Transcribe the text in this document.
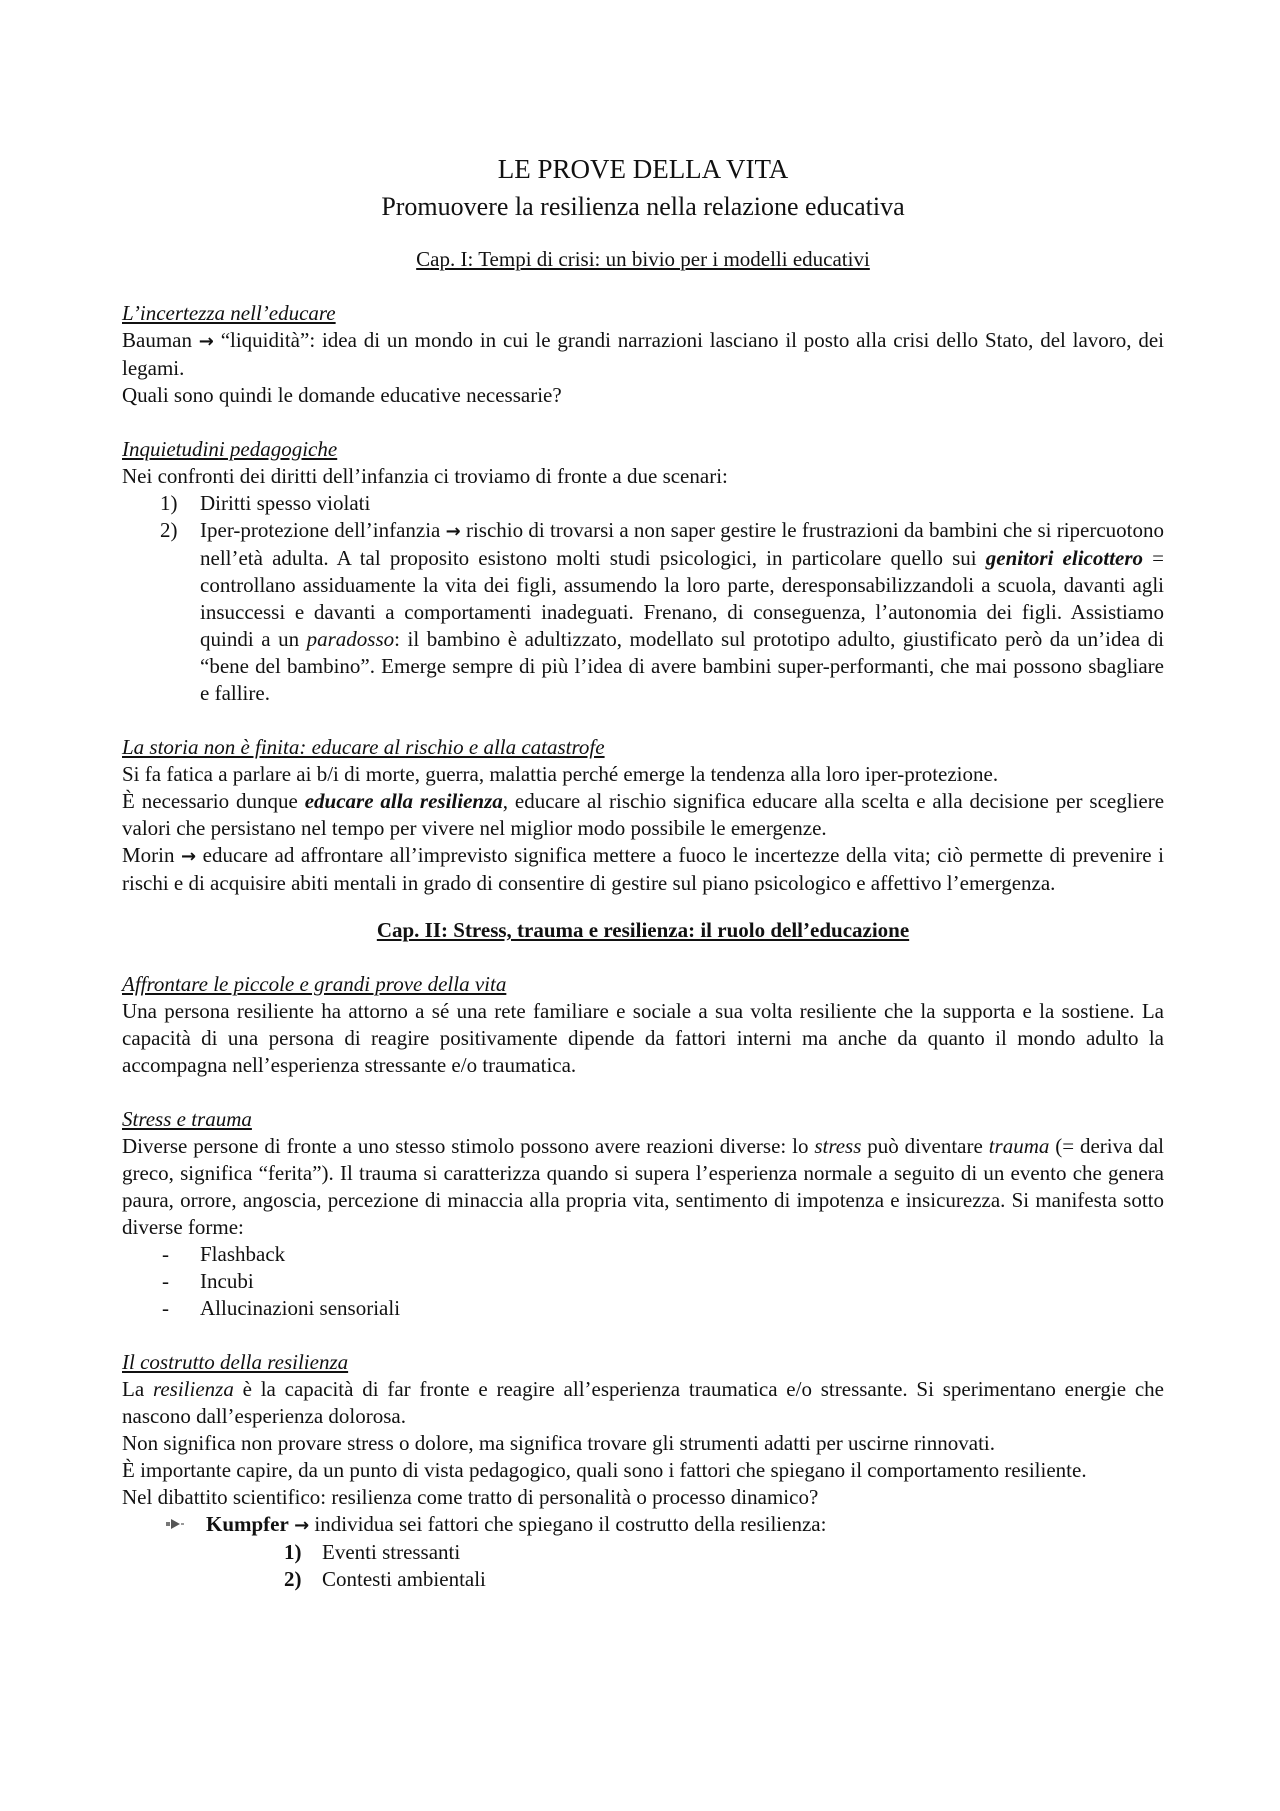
LE PROVE DELLA VITA
Promuovere la resilienza nella relazione educativa
Cap. I: Tempi di crisi: un bivio per i modelli educativi
L’incertezza nell’educare

Bauman → “liquidità”: idea di un mondo in cui le grandi narrazioni lasciano il posto alla crisi dello Stato, del lavoro, dei legami.

Quali sono quindi le domande educative necessarie?

Inquietudini pedagogiche

Nei confronti dei diritti dell’infanzia ci troviamo di fronte a due scenari:

1) Diritti spesso violati
2) Iper-protezione dell’infanzia → rischio di trovarsi a non saper gestire le frustrazioni da bambini che si ripercuotono nell’età adulta. A tal proposito esistono molti studi psicologici, in particolare quello sui genitori elicottero = controllano assiduamente la vita dei figli, assumendo la loro parte, deresponsabilizzandoli a scuola, davanti agli insuccessi e davanti a comportamenti inadeguati. Frenano, di conseguenza, l’autonomia dei figli. Assistiamo quindi a un paradosso: il bambino è adultizzato, modellato sul prototipo adulto, giustificato però da un’idea di “bene del bambino”. Emerge sempre di più l’idea di avere bambini super-performanti, che mai possono sbagliare e fallire.
La storia non è finita: educare al rischio e alla catastrofe

Si fa fatica a parlare ai b/i di morte, guerra, malattia perché emerge la tendenza alla loro iper-protezione.

È necessario dunque educare alla resilienza, educare al rischio significa educare alla scelta e alla decisione per scegliere valori che persistano nel tempo per vivere nel miglior modo possibile le emergenze.

Morin → educare ad affrontare all’imprevisto significa mettere a fuoco le incertezze della vita; ciò permette di prevenire i rischi e di acquisire abiti mentali in grado di consentire di gestire sul piano psicologico e affettivo l’emergenza.

Cap. II: Stress, trauma e resilienza: il ruolo dell’educazione
Affrontare le piccole e grandi prove della vita

Una persona resiliente ha attorno a sé una rete familiare e sociale a sua volta resiliente che la supporta e la sostiene. La capacità di una persona di reagire positivamente dipende da fattori interni ma anche da quanto il mondo adulto la accompagna nell’esperienza stressante e/o traumatica.

Stress e trauma

Diverse persone di fronte a uno stesso stimolo possono avere reazioni diverse: lo stress può diventare trauma (= deriva dal greco, significa “ferita”). Il trauma si caratterizza quando si supera l’esperienza normale a seguito di un evento che genera paura, orrore, angoscia, percezione di minaccia alla propria vita, sentimento di impotenza e insicurezza. Si manifesta sotto diverse forme:

- Flashback
- Incubi
- Allucinazioni sensoriali
Il costrutto della resilienza

La resilienza è la capacità di far fronte e reagire all’esperienza traumatica e/o stressante. Si sperimentano energie che nascono dall’esperienza dolorosa.

Non significa non provare stress o dolore, ma significa trovare gli strumenti adatti per uscirne rinnovati.

È importante capire, da un punto di vista pedagogico, quali sono i fattori che spiegano il comportamento resiliente.

Nel dibattito scientifico: resilienza come tratto di personalità o processo dinamico?

Kumpfer → individua sei fattori che spiegano il costrutto della resilienza:
1) Eventi stressanti
2) Contesti ambientali
